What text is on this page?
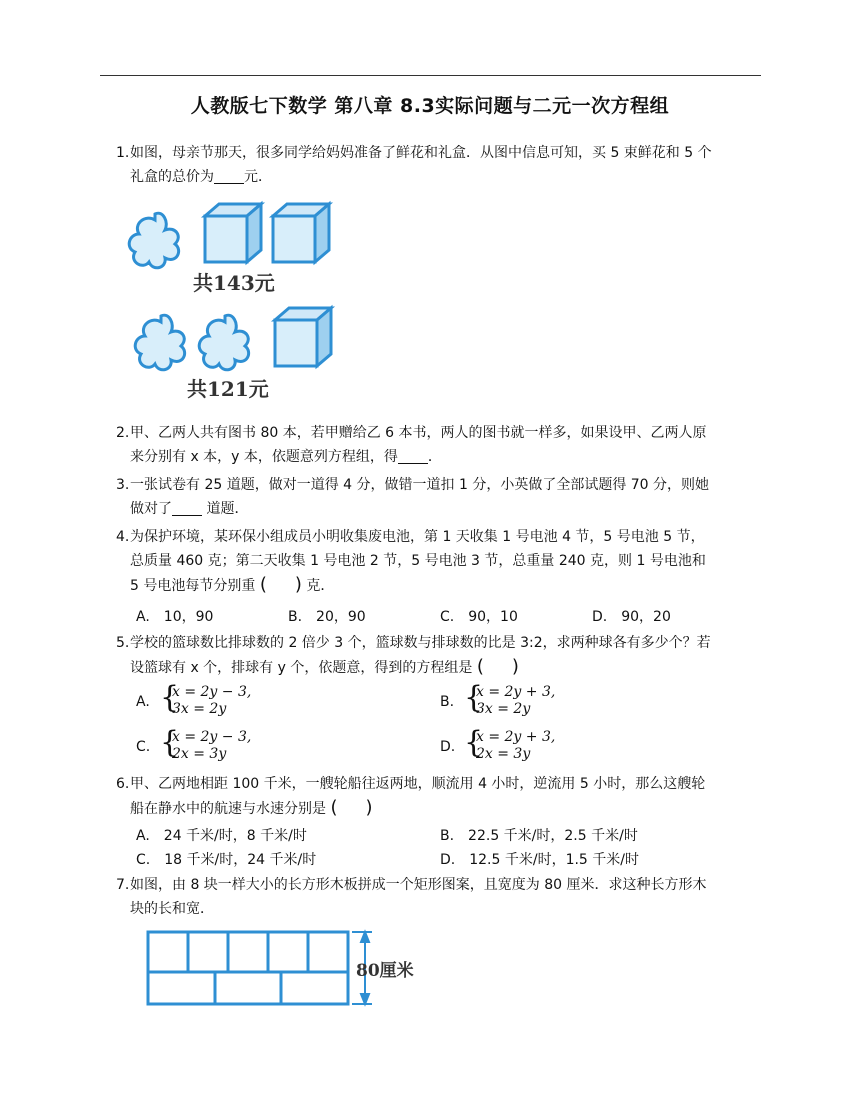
人教版七下数学 第八章 8.3实际问题与二元一次方程组
1. 如图，母亲节那天，很多同学给妈妈准备了鲜花和礼盒．从图中信息可知，买 5 束鲜花和 5 个
礼盒的总价为 元．
共143元
共121元
2. 甲、乙两人共有图书 80 本，若甲赠给乙 6 本书，两人的图书就一样多，如果设甲、乙两人原
来分别有 x 本，y 本，依题意列方程组，得 ．
3. 一张试卷有 25 道题，做对一道得 4 分，做错一道扣 1 分，小英做了全部试题得 70 分，则她
做对了 道题．
4. 为保护环境，某环保小组成员小明收集废电池，第 1 天收集 1 号电池 4 节，5 号电池 5 节，
总质量 460 克；第二天收集 1 号电池 2 节，5 号电池 3 节，总重量 240 克，则 1 号电池和
5 号电池每节分别重 ( ) 克．
A.　10，90	B.　20，90	C.　90，10	D.　90，20
5. 学校的篮球数比排球数的 2 倍少 3 个，篮球数与排球数的比是 3:2，求两种球各有多少个？若
设篮球有 x 个，排球有 y 个，依题意，得到的方程组是 ( )
A. {
x = 2y − 3,
3x = 2y	B. {
x = 2y + 3,
3x = 2y
C. {
x = 2y − 3,
2x = 3y	D. {
x = 2y + 3,
2x = 3y
6. 甲、乙两地相距 100 千米，一艘轮船往返两地，顺流用 4 小时，逆流用 5 小时，那么这艘轮
船在静水中的航速与水速分别是 ( )
A.　24 千米/时，8 千米/时	B.　22.5 千米/时，2.5 千米/时
C.　18 千米/时，24 千米/时	D.　12.5 千米/时，1.5 千米/时
7. 如图，由 8 块一样大小的长方形木板拼成一个矩形图案，且宽度为 80 厘米．求这种长方形木
块的长和宽．
80厘米
